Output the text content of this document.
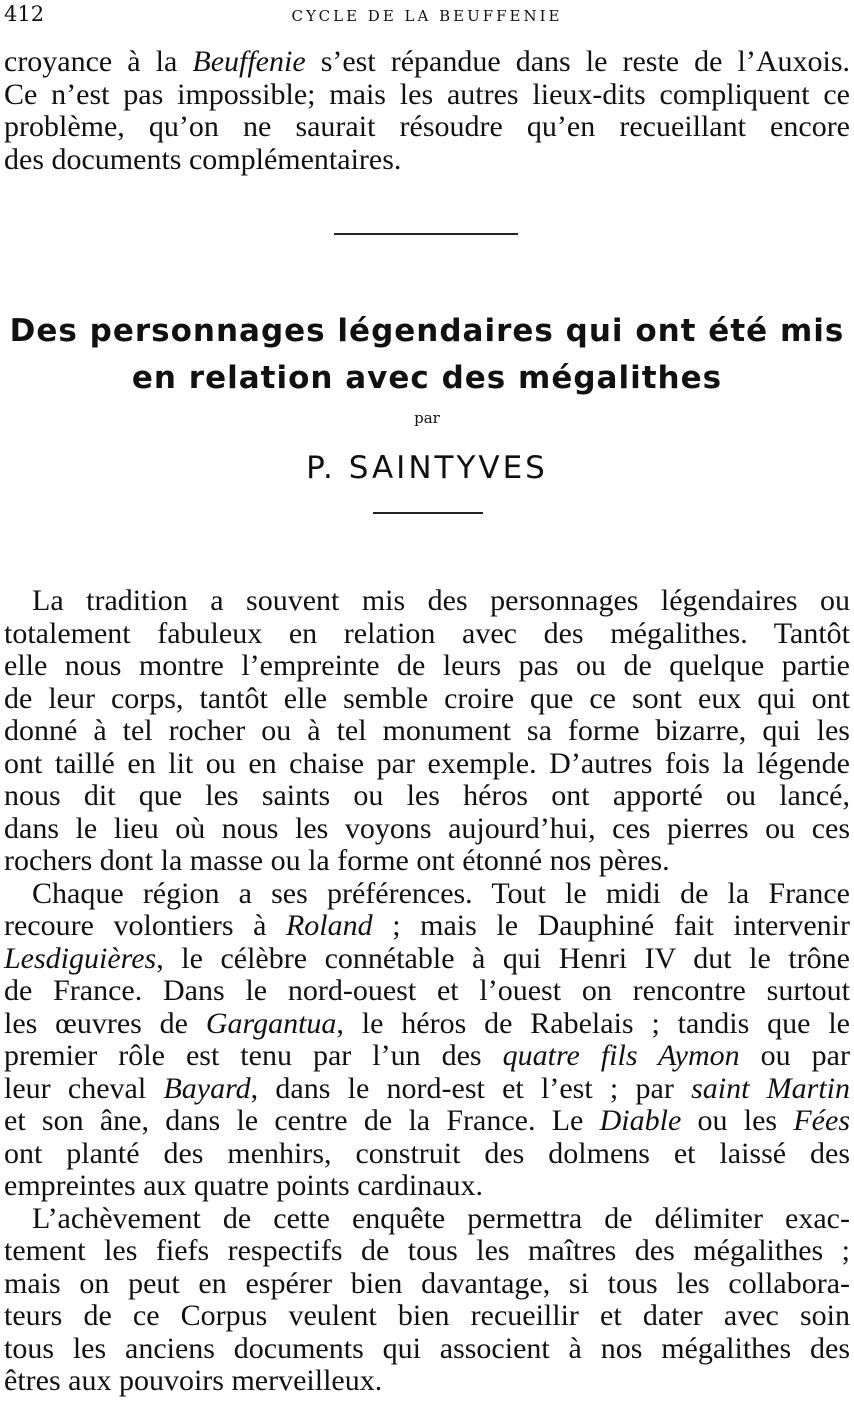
412	CYCLE DE LA BEUFFENIE
croyance à la Beuffenie s’est répandue dans le reste de l’Auxois.
Ce n’est pas impossible; mais les autres lieux-dits compliquent ce
problème, qu’on ne saurait résoudre qu’en recueillant encore
des documents complémentaires.
Des personnages légendaires qui ont été mis
en relation avec des mégalithes
par
P. SAINTYVES
La tradition a souvent mis des personnages légendaires ou
totalement fabuleux en relation avec des mégalithes. Tantôt
elle nous montre l’empreinte de leurs pas ou de quelque partie
de leur corps, tantôt elle semble croire que ce sont eux qui ont
donné à tel rocher ou à tel monument sa forme bizarre, qui les
ont taillé en lit ou en chaise par exemple. D’autres fois la légende
nous dit que les saints ou les héros ont apporté ou lancé,
dans le lieu où nous les voyons aujourd’hui, ces pierres ou ces
rochers dont la masse ou la forme ont étonné nos pères.
Chaque région a ses préférences. Tout le midi de la France
recoure volontiers à Roland ; mais le Dauphiné fait intervenir
Lesdiguières, le célèbre connétable à qui Henri IV dut le trône
de France. Dans le nord-ouest et l’ouest on rencontre surtout
les œuvres de Gargantua, le héros de Rabelais ; tandis que le
premier rôle est tenu par l’un des quatre fils Aymon ou par
leur cheval Bayard, dans le nord-est et l’est ; par saint Martin
et son âne, dans le centre de la France. Le Diable ou les Fées
ont planté des menhirs, construit des dolmens et laissé des
empreintes aux quatre points cardinaux.
L’achèvement de cette enquête permettra de délimiter exac-
tement les fiefs respectifs de tous les maîtres des mégalithes ;
mais on peut en espérer bien davantage, si tous les collabora-
teurs de ce Corpus veulent bien recueillir et dater avec soin
tous les anciens documents qui associent à nos mégalithes des
êtres aux pouvoirs merveilleux.
